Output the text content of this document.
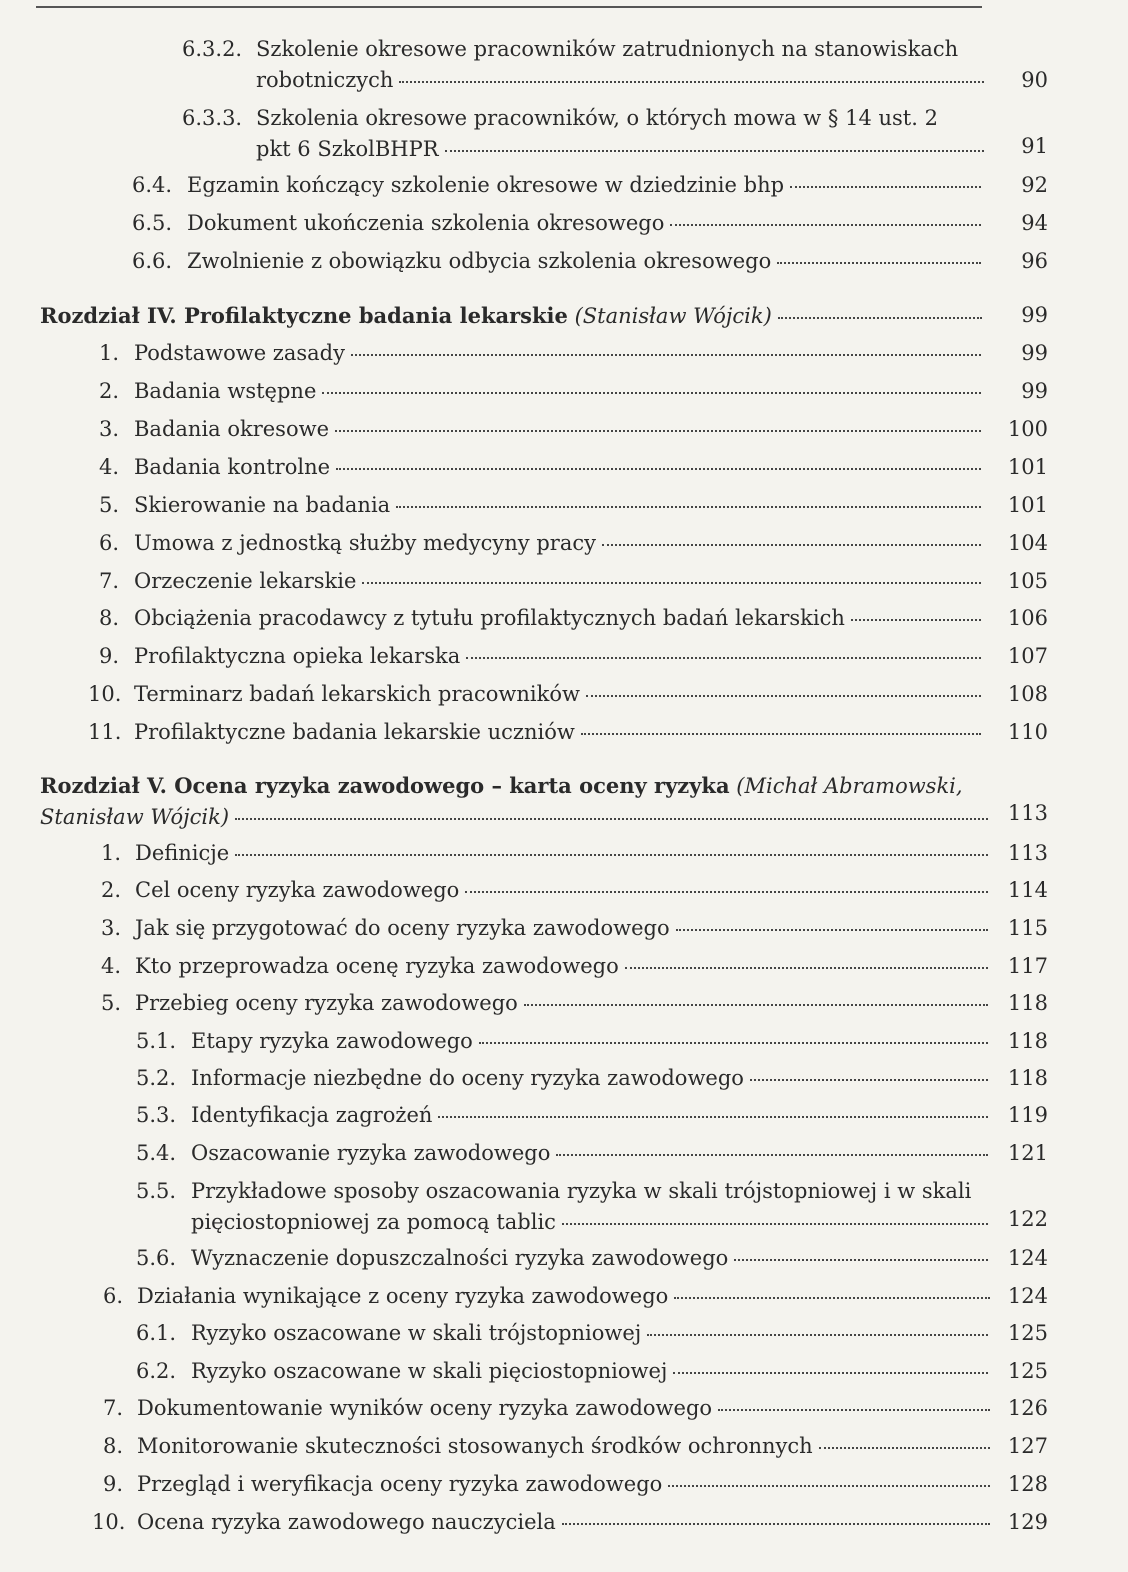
6.3.2. Szkolenie okresowe pracowników zatrudnionych na stanowiskach
robotniczych	90
6.3.3. Szkolenia okresowe pracowników, o których mowa w § 14 ust. 2
pkt 6 SzkolBHPR	91
6.4. Egzamin kończący szkolenie okresowe w dziedzinie bhp	92
6.5. Dokument ukończenia szkolenia okresowego	94
6.6. Zwolnienie z obowiązku odbycia szkolenia okresowego	96
Rozdział IV. Profilaktyczne badania lekarskie
(Stanisław Wójcik)	99
1. Podstawowe zasady	99
2. Badania wstępne	99
3. Badania okresowe	100
4. Badania kontrolne	101
5. Skierowanie na badania	101
6. Umowa z jednostką służby medycyny pracy	104
7. Orzeczenie lekarskie	105
8. Obciążenia pracodawcy z tytułu profilaktycznych badań lekarskich	106
9. Profilaktyczna opieka lekarska	107
10. Terminarz badań lekarskich pracowników	108
11. Profilaktyczne badania lekarskie uczniów	110
Rozdział V. Ocena ryzyka zawodowego – karta oceny ryzyka
(Michał Abramowski,
Stanisław Wójcik)	113
1. Definicje	113
2. Cel oceny ryzyka zawodowego	114
3. Jak się przygotować do oceny ryzyka zawodowego	115
4. Kto przeprowadza ocenę ryzyka zawodowego	117
5. Przebieg oceny ryzyka zawodowego	118
5.1. Etapy ryzyka zawodowego	118
5.2. Informacje niezbędne do oceny ryzyka zawodowego	118
5.3. Identyfikacja zagrożeń	119
5.4. Oszacowanie ryzyka zawodowego	121
5.5. Przykładowe sposoby oszacowania ryzyka w skali trójstopniowej i w skali
pięciostopniowej za pomocą tablic	122
5.6. Wyznaczenie dopuszczalności ryzyka zawodowego	124
6. Działania wynikające z oceny ryzyka zawodowego	124
6.1. Ryzyko oszacowane w skali trójstopniowej	125
6.2. Ryzyko oszacowane w skali pięciostopniowej	125
7. Dokumentowanie wyników oceny ryzyka zawodowego	126
8. Monitorowanie skuteczności stosowanych środków ochronnych	127
9. Przegląd i weryfikacja oceny ryzyka zawodowego	128
10. Ocena ryzyka zawodowego nauczyciela	129
